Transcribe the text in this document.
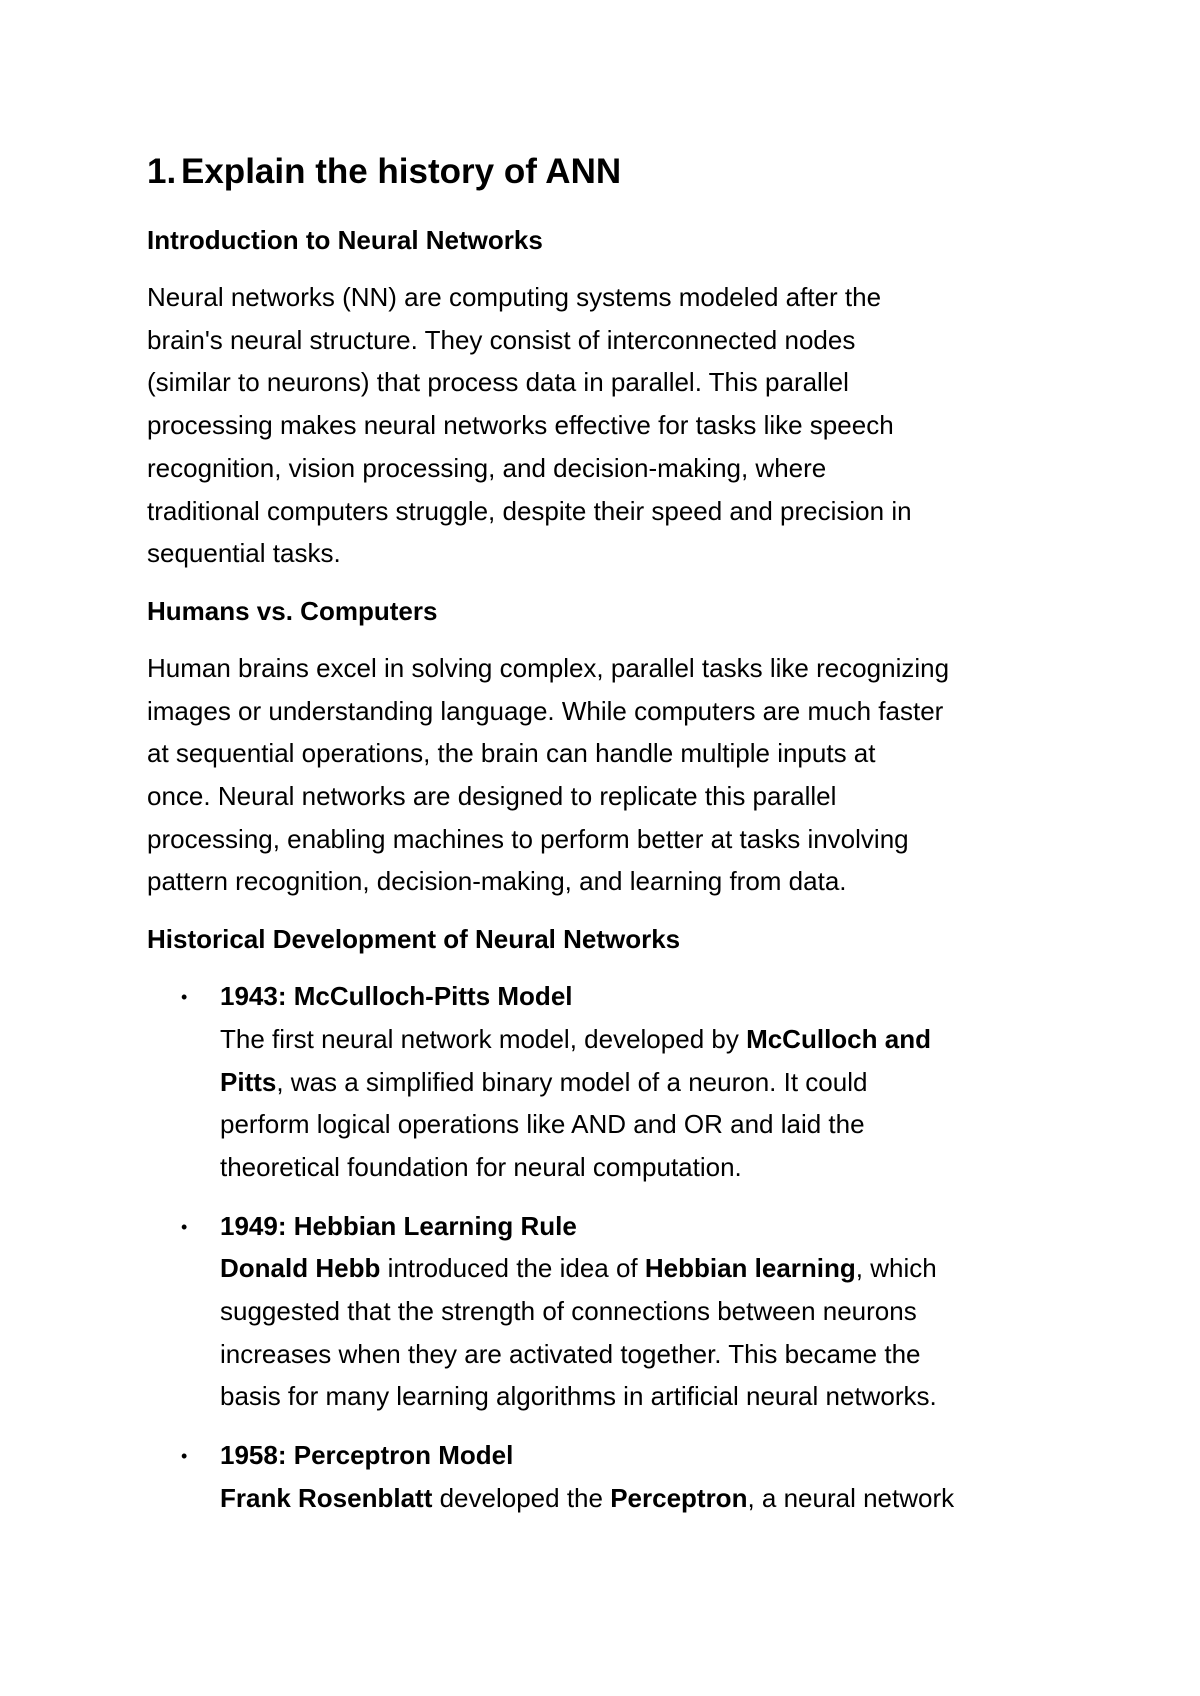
1. Explain the history of ANN
Introduction to Neural Networks

Neural networks (NN) are computing systems modeled after the
brain's neural structure. They consist of interconnected nodes
(similar to neurons) that process data in parallel. This parallel
processing makes neural networks effective for tasks like speech
recognition, vision processing, and decision-making, where
traditional computers struggle, despite their speed and precision in
sequential tasks.

Humans vs. Computers

Human brains excel in solving complex, parallel tasks like recognizing
images or understanding language. While computers are much faster
at sequential operations, the brain can handle multiple inputs at
once. Neural networks are designed to replicate this parallel
processing, enabling machines to perform better at tasks involving
pattern recognition, decision-making, and learning from data.

Historical Development of Neural Networks
• 1943: McCulloch-Pitts Model
The first neural network model, developed by McCulloch and
Pitts, was a simplified binary model of a neuron. It could
perform logical operations like AND and OR and laid the
theoretical foundation for neural computation.
• 1949: Hebbian Learning Rule
Donald Hebb introduced the idea of Hebbian learning, which
suggested that the strength of connections between neurons
increases when they are activated together. This became the
basis for many learning algorithms in artificial neural networks.
• 1958: Perceptron Model
Frank Rosenblatt developed the Perceptron, a neural network
